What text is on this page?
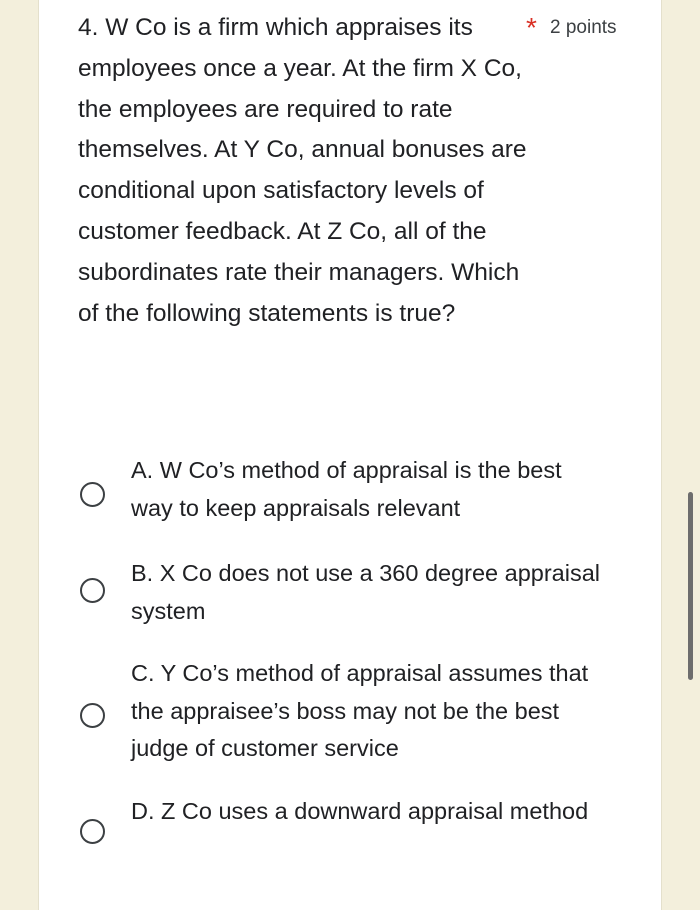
4. W Co is a firm which appraises its employees once a year. At the firm X Co, the employees are required to rate themselves. At Y Co, annual bonuses are conditional upon satisfactory levels of customer feedback. At Z Co, all of the subordinates rate their managers. Which of the following statements is true?
* 2 points
A. W Co’s method of appraisal is the best way to keep appraisals relevant
B. X Co does not use a 360 degree appraisal system
C. Y Co’s method of appraisal assumes that the appraisee’s boss may not be the best judge of customer service
D. Z Co uses a downward appraisal method
